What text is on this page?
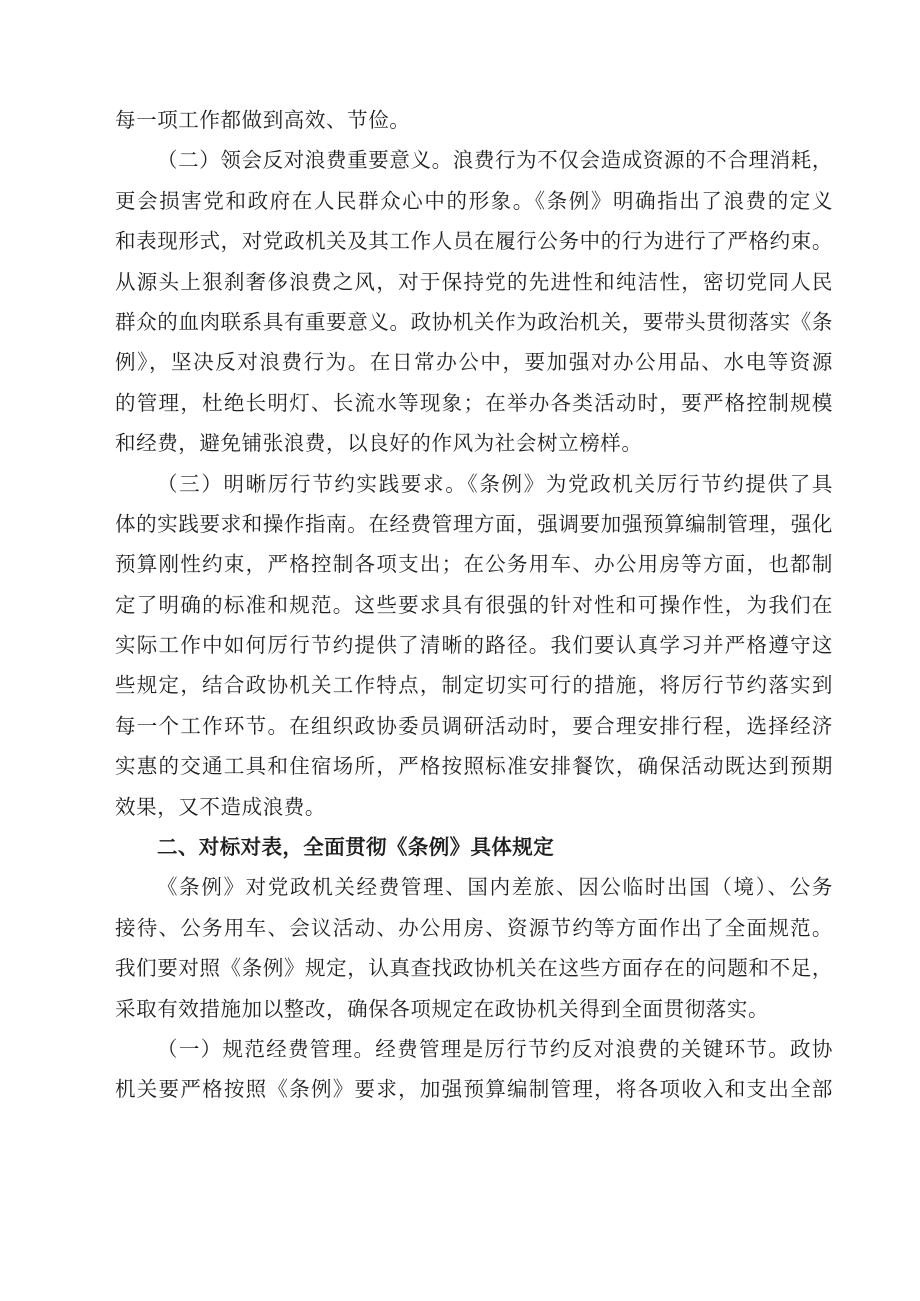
每一项工作都做到高效、节俭。
（二）领会反对浪费重要意义。浪费行为不仅会造成资源的不合理消耗，
更会损害党和政府在人民群众心中的形象。《条例》明确指出了浪费的定义
和表现形式，对党政机关及其工作人员在履行公务中的行为进行了严格约束。
从源头上狠刹奢侈浪费之风，对于保持党的先进性和纯洁性，密切党同人民
群众的血肉联系具有重要意义。政协机关作为政治机关，要带头贯彻落实《条
例》，坚决反对浪费行为。在日常办公中，要加强对办公用品、水电等资源
的管理，杜绝长明灯、长流水等现象；在举办各类活动时，要严格控制规模
和经费，避免铺张浪费，以良好的作风为社会树立榜样。
（三）明晰厉行节约实践要求。《条例》为党政机关厉行节约提供了具
体的实践要求和操作指南。在经费管理方面，强调要加强预算编制管理，强化
预算刚性约束，严格控制各项支出；在公务用车、办公用房等方面，也都制
定了明确的标准和规范。这些要求具有很强的针对性和可操作性，为我们在
实际工作中如何厉行节约提供了清晰的路径。我们要认真学习并严格遵守这
些规定，结合政协机关工作特点，制定切实可行的措施，将厉行节约落实到
每一个工作环节。在组织政协委员调研活动时，要合理安排行程，选择经济
实惠的交通工具和住宿场所，严格按照标准安排餐饮，确保活动既达到预期
效果，又不造成浪费。
二、对标对表，全面贯彻《条例》具体规定
《条例》对党政机关经费管理、国内差旅、因公临时出国（境）、公务
接待、公务用车、会议活动、办公用房、资源节约等方面作出了全面规范。
我们要对照《条例》规定，认真查找政协机关在这些方面存在的问题和不足，
采取有效措施加以整改，确保各项规定在政协机关得到全面贯彻落实。
（一）规范经费管理。经费管理是厉行节约反对浪费的关键环节。政协
机关要严格按照《条例》要求，加强预算编制管理，将各项收入和支出全部
